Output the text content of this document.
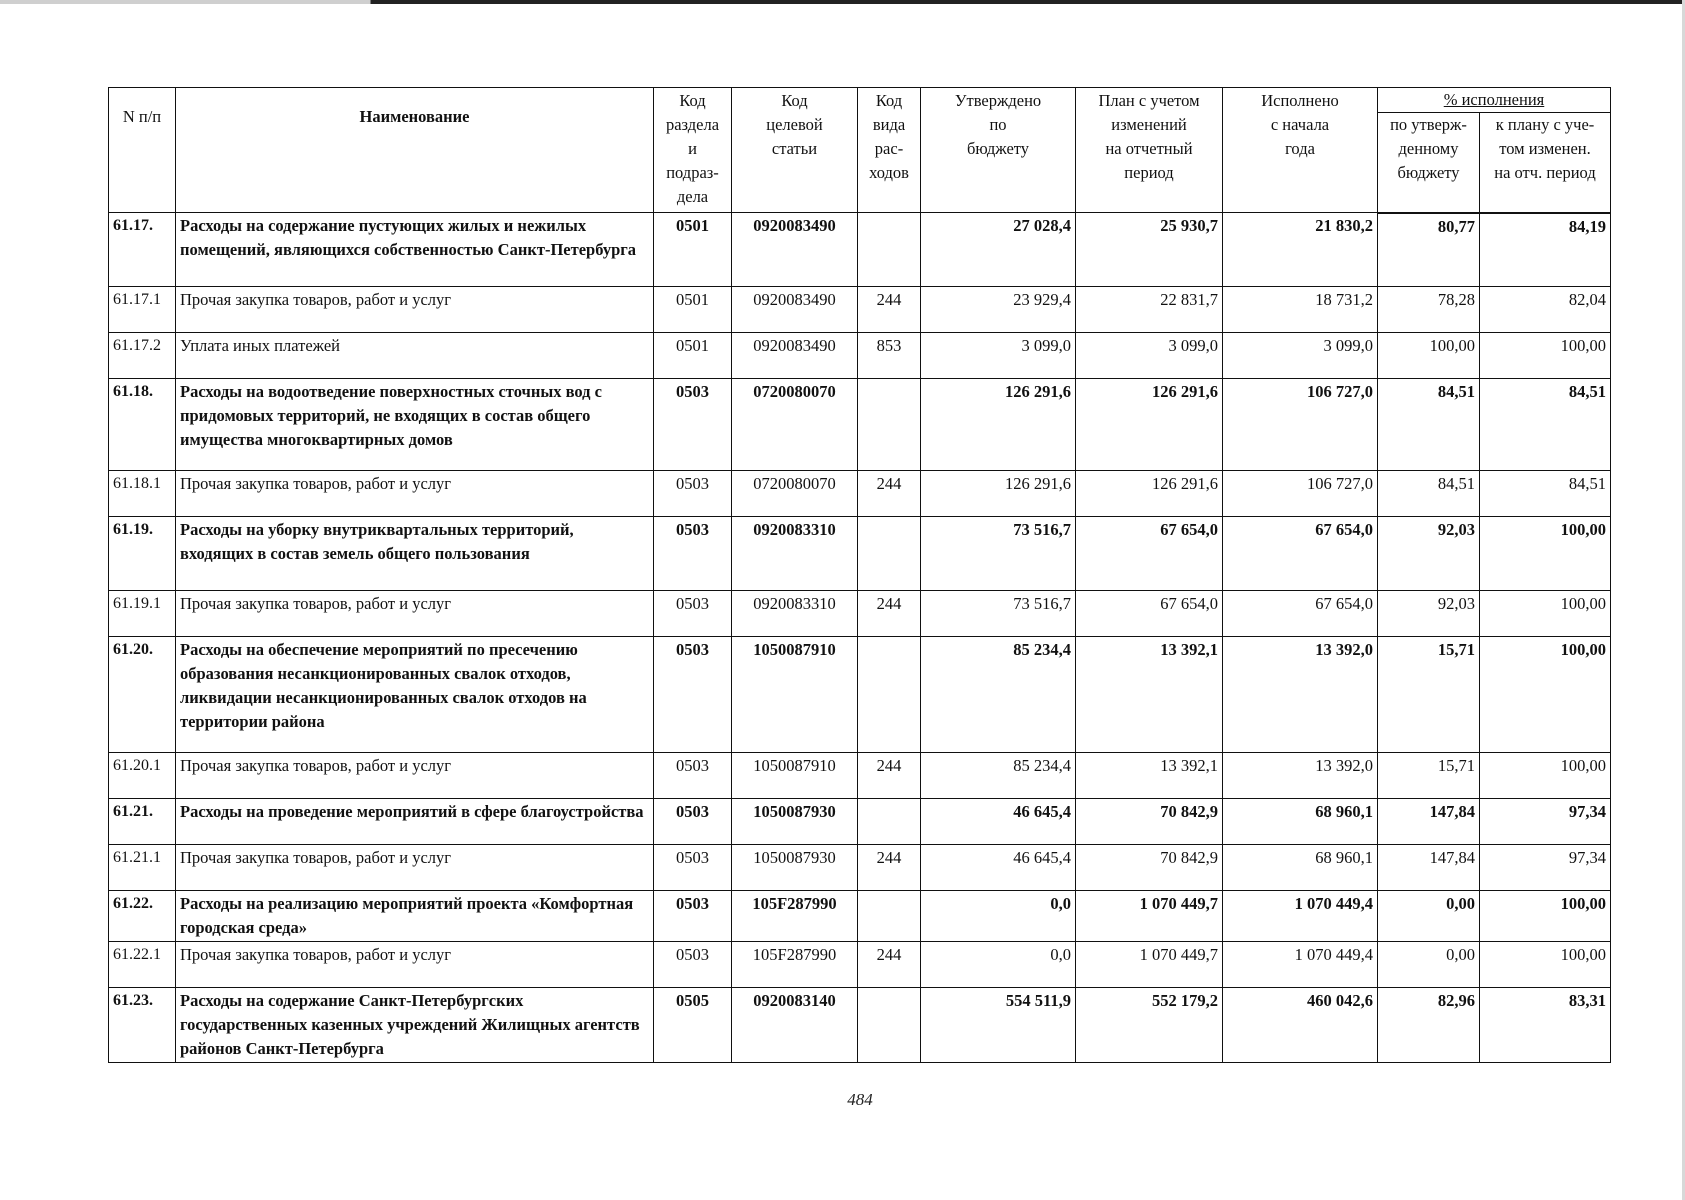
N п/п	Наименование	Код
раздела
и
подраз-
дела	Код
целевой
статьи	Код
вида
рас-
ходов	Утверждено
по
бюджету	План с учетом
изменений
на отчетный
период	Исполнено
с начала
года	% исполнения	

								по утверж-
денному
бюджету	к плану с уче-
том изменен.
на отч. период

61.17.	Расходы на содержание пустующих жилых и нежилых помещений, являющихся собственностью Санкт-Петербурга	0501	0920083490		27 028,4	25 930,7	21 830,2	80,77	84,19
61.17.1	Прочая закупка товаров, работ и услуг	0501	0920083490	244	23 929,4	22 831,7	18 731,2	78,28	82,04
61.17.2	Уплата иных платежей	0501	0920083490	853	3 099,0	3 099,0	3 099,0	100,00	100,00
61.18.	Расходы на водоотведение поверхностных сточных вод с придомовых территорий, не входящих в состав общего имущества многоквартирных домов	0503	0720080070		126 291,6	126 291,6	106 727,0	84,51	84,51
61.18.1	Прочая закупка товаров, работ и услуг	0503	0720080070	244	126 291,6	126 291,6	106 727,0	84,51	84,51
61.19.	Расходы на уборку внутриквартальных территорий, входящих в состав земель общего пользования	0503	0920083310		73 516,7	67 654,0	67 654,0	92,03	100,00
61.19.1	Прочая закупка товаров, работ и услуг	0503	0920083310	244	73 516,7	67 654,0	67 654,0	92,03	100,00
61.20.	Расходы на обеспечение мероприятий по пресечению образования несанкционированных свалок отходов, ликвидации несанкционированных свалок отходов на территории района	0503	1050087910		85 234,4	13 392,1	13 392,0	15,71	100,00
61.20.1	Прочая закупка товаров, работ и услуг	0503	1050087910	244	85 234,4	13 392,1	13 392,0	15,71	100,00
61.21.	Расходы на проведение мероприятий в сфере благоустройства	0503	1050087930		46 645,4	70 842,9	68 960,1	147,84	97,34
61.21.1	Прочая закупка товаров, работ и услуг	0503	1050087930	244	46 645,4	70 842,9	68 960,1	147,84	97,34
61.22.	Расходы на реализацию мероприятий проекта «Комфортная городская среда»	0503	105F287990		0,0	1 070 449,7	1 070 449,4	0,00	100,00
61.22.1	Прочая закупка товаров, работ и услуг	0503	105F287990	244	0,0	1 070 449,7	1 070 449,4	0,00	100,00
61.23.	Расходы на содержание Санкт-Петербургских государственных казенных учреждений Жилищных агентств районов Санкт-Петербурга	0505	0920083140		554 511,9	552 179,2	460 042,6	82,96	83,31
484
